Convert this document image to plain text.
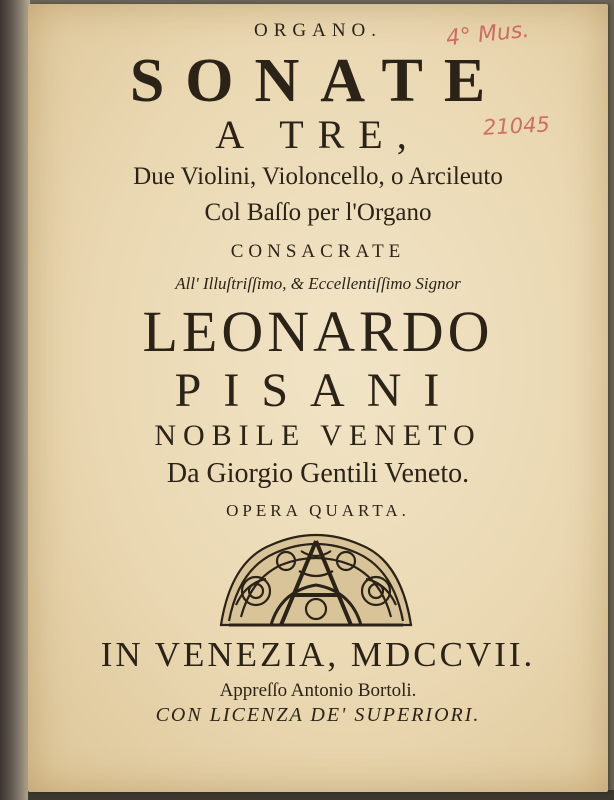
ORGANO.
SONATE
A TRE,
Due Violini, Violoncello, o Arcileuto
Col Baſſo per l'Organo
CONSACRATE
All' Illuſtriſſimo, & Eccellentiſſimo Signor
LEONARDO
PISANI
NOBILE VENETO
Da Giorgio Gentili Veneto.
OPERA QUARTA.
IN VENEZIA, MDCCVII.
Appreſſo Antonio Bortoli.
CON LICENZA DE' SUPERIORI.
4° Mus.
21045
